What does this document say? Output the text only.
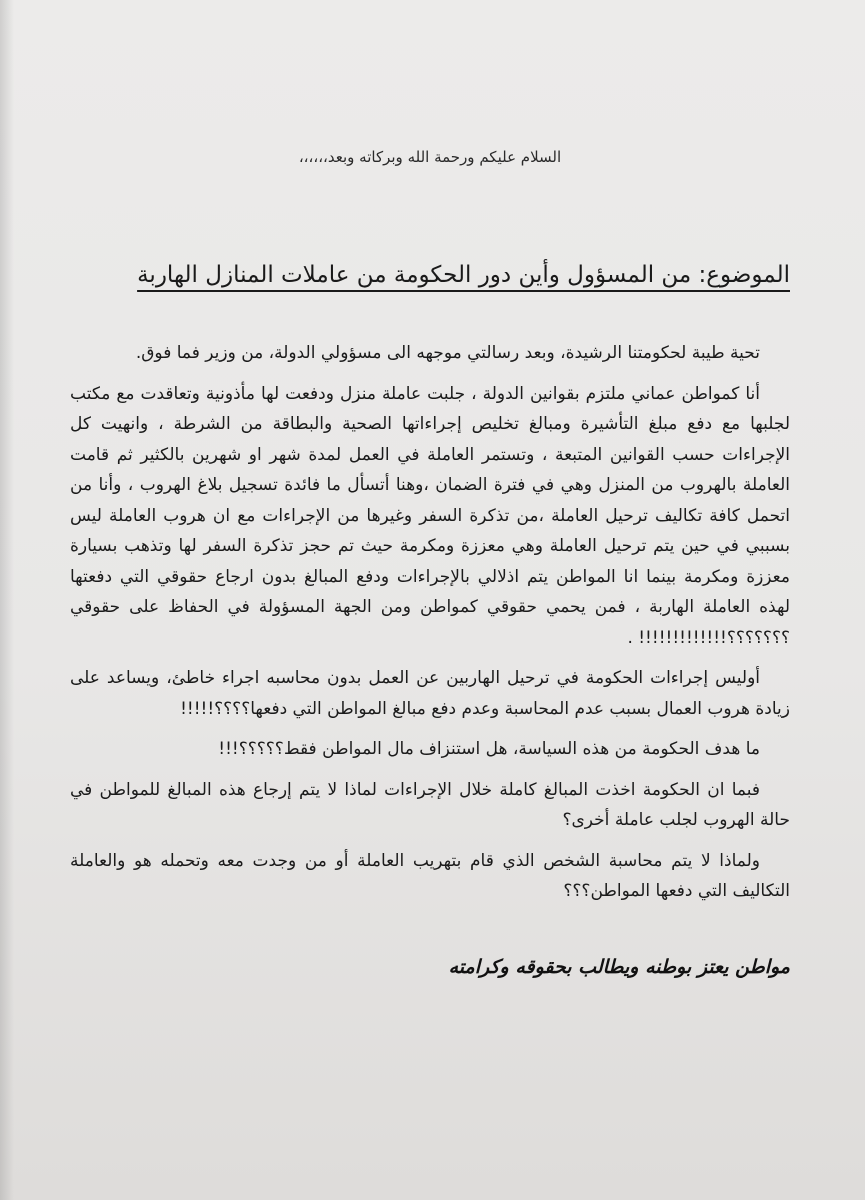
السلام عليكم ورحمة الله وبركاته وبعد،،،،،،
الموضوع: من المسؤول وأين دور الحكومة من عاملات المنازل الهاربة

تحية طيبة لحكومتنا الرشيدة، وبعد رسالتي موجهه الى مسؤولي الدولة، من وزير فما فوق.

أنا كمواطن عماني ملتزم بقوانين الدولة ، جلبت عاملة منزل ودفعت لها مأذونية وتعاقدت مع مكتب لجلبها مع دفع مبلغ التأشيرة ومبالغ تخليص إجراءاتها الصحية والبطاقة من الشرطة ، وانهيت كل الإجراءات حسب القوانين المتبعة ، وتستمر العاملة في العمل لمدة شهر او شهرين بالكثير ثم قامت العاملة بالهروب من المنزل وهي في فترة الضمان ،وهنا أتسأل ما فائدة تسجيل بلاغ الهروب ، وأنا من اتحمل كافة تكاليف ترحيل العاملة ،من تذكرة السفر وغيرها من الإجراءات مع ان هروب العاملة ليس بسببي في حين يتم ترحيل العاملة وهي معززة ومكرمة حيث تم حجز تذكرة السفر لها وتذهب بسيارة معززة ومكرمة بينما انا المواطن يتم اذلالي بالإجراءات ودفع المبالغ بدون ارجاع حقوقي التي دفعتها لهذه العاملة الهاربة ، فمن يحمي حقوقي كمواطن ومن الجهة المسؤولة في الحفاظ على حقوقي ؟؟؟؟؟؟؟!!!!!!!!!!!!! .

أوليس إجراءات الحكومة في ترحيل الهاربين عن العمل بدون محاسبه اجراء خاطئ، ويساعد على زيادة هروب العمال بسبب عدم المحاسبة وعدم دفع مبالغ المواطن التي دفعها؟؟؟؟!!!!!

ما هدف الحكومة من هذه السياسة، هل استنزاف مال المواطن فقط؟؟؟؟؟!!!

فبما ان الحكومة اخذت المبالغ كاملة خلال الإجراءات لماذا لا يتم إرجاع هذه المبالغ للمواطن في حالة الهروب لجلب عاملة أخرى؟

ولماذا لا يتم محاسبة الشخص الذي قام بتهريب العاملة أو من وجدت معه وتحمله هو والعاملة التكاليف التي دفعها المواطن؟؟؟

مواطن يعتز بوطنه ويطالب بحقوقه وكرامته
